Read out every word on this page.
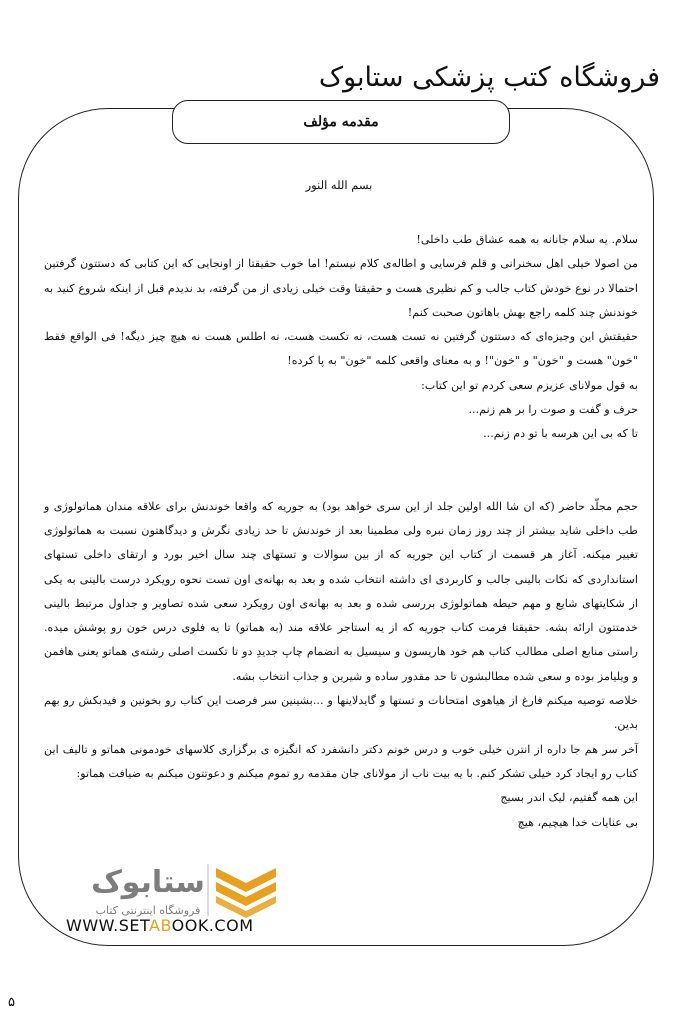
فروشگاه کتب پزشکی ستابوک
مقدمه مؤلف
بسم الله النور

سلام. یه سلام جانانه به همه عشاق طب داخلی!

من اصولا خیلی اهل سخنرانی و قلم فرسایی و اطاله‌ی کلام نیستم! اما خوب حقیقتا از اونجایی که این کتابی که دستتون گرفتین احتمالا در نوع خودش کتاب جالب و کم نظیری هست و حقیقتا وقت خیلی زیادی از من گرفته، بد ندیدم قبل از اینکه شروع کنید به خوندنش چند کلمه راجع بهش باهاتون صحبت کنم!

حقیقتش این وجیزه‌ای که دستتون گرفتین نه تست هست، نه تکست هست، نه اطلس هست نه هیچ چیز دیگه! فی الواقع فقط "خون" هست و "خون" و "خون"! و به معنای واقعی کلمه "خون" به پا کرده!

به قول مولانای عزیزم سعی کردم تو این کتاب:

حرف و گفت و صوت را بر هم زنم...

تا که بی این هرسه با تو دم زنم...

حجم مجلّد حاضر (که ان شا الله اولین جلد از این سری خواهد بود) به جوریه که واقعا خوندنش برای علاقه مندان هماتولوژی و طب داخلی شاید بیشتر از چند روز زمان نبره ولی مطمینا بعد از خوندنش تا حد زیادی نگرش و دیدگاهتون نسبت به هماتولوژی تغییر میکنه. آغاز هر قسمت از کتاب این جوریه که از بین سوالات و تستهای چند سال اخیر بورد و ارتقای داخلی تستهای استانداردی که نکات بالینی جالب و کاربردی ای داشته انتخاب شده و بعد به بهانه‌ی اون تست نحوه رویکرد درست بالینی به یکی از شکایتهای شایع و مهم حیطه هماتولوژی بررسی شده و بعد به بهانه‌ی اون رویکرد سعی شده تصاویر و جداول مرتبط بالینی خدمتتون ارائه بشه. حقیقتا فرمت کتاب جوریه که از یه استاجر علاقه مند (به هماتو) تا یه فلوی درس خون رو پوشش میده. راستی منابع اصلی مطالب کتاب هم خود هاریسون و سیسیل به انضمام چاپ جدیدِ دو تا تکست اصلی رشته‌ی هماتو یعنی هافمن و ویلیامز بوده و سعی شده مطالبشون تا حد مقدور ساده و شیرین و جذاب انتخاب بشه.

خلاصه توصیه میکنم فارغ از هیاهوی امتحانات و تستها و گایدلاینها و ...بشینین سر فرصت این کتاب رو بخونین و فیدبکش رو بهم بدین.

آخر سر هم جا داره از انترن خیلی خوب و درس خونم دکتر دانشفرد که انگیزه ی برگزاری کلاسهای خودمونی هماتو و تالیف این کتاب رو ایجاد کرد خیلی تشکر کنم. با یه بیت ناب از مولانای جان مقدمه رو تموم میکنم و دعوتتون میکنم به ضیافت هماتو:

این همه گفتیم، لیک اندر بسیج

بی عنایات خدا هیچیم، هیچ

ستابوک
فروشگاه اینترنتی کتاب
WWW.SETABOOK.COM
۵
